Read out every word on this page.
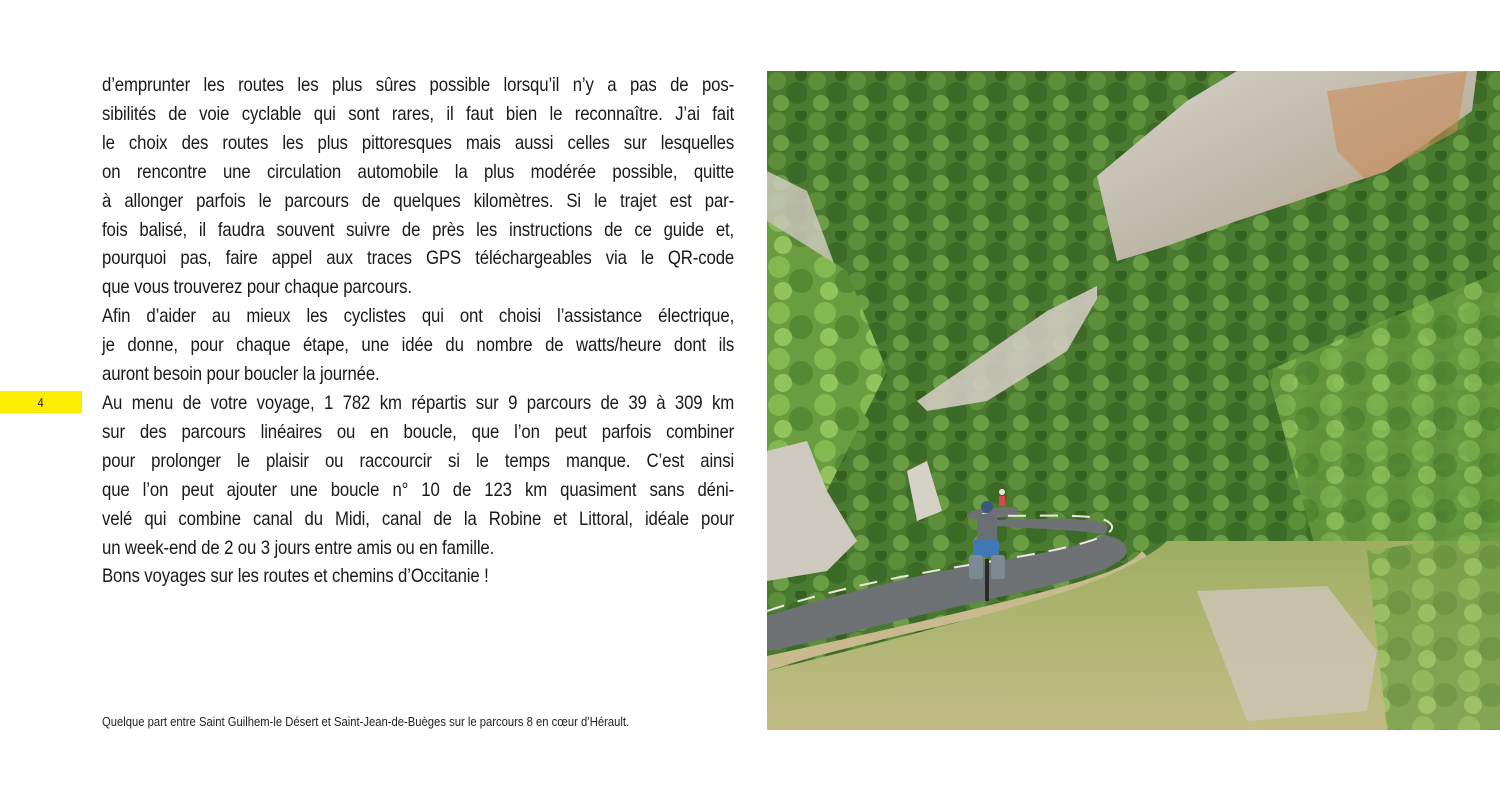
4
d’emprunter les routes les plus sûres possible lorsqu’il n’y a pas de pos-
sibilités de voie cyclable qui sont rares, il faut bien le reconnaître. J’ai fait
le choix des routes les plus pittoresques mais aussi celles sur lesquelles
on rencontre une circulation automobile la plus modérée possible, quitte
à allonger parfois le parcours de quelques kilomètres. Si le trajet est par-
fois balisé, il faudra souvent suivre de près les instructions de ce guide et,
pourquoi pas, faire appel aux traces GPS téléchargeables via le QR-code
que vous trouverez pour chaque parcours.
Afin d’aider au mieux les cyclistes qui ont choisi l’assistance électrique,
je donne, pour chaque étape, une idée du nombre de watts/heure dont ils
auront besoin pour boucler la journée.
Au menu de votre voyage, 1 782 km répartis sur 9 parcours de 39 à 309 km
sur des parcours linéaires ou en boucle, que l’on peut parfois combiner
pour prolonger le plaisir ou raccourcir si le temps manque. C’est ainsi
que l’on peut ajouter une boucle n° 10 de 123 km quasiment sans déni-
velé qui combine canal du Midi, canal de la Robine et Littoral, idéale pour
un week-end de 2 ou 3 jours entre amis ou en famille.
Bons voyages sur les routes et chemins d’Occitanie !
Quelque part entre Saint Guilhem-le Désert et Saint-Jean-de-Buèges sur le parcours 8 en cœur d’Hérault.
